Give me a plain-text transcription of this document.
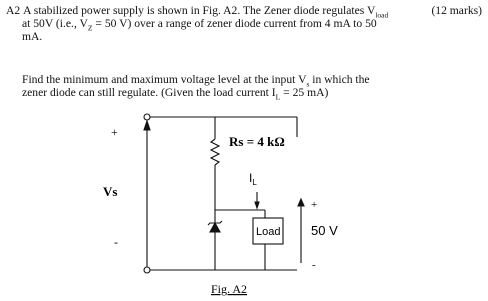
A2 A stabilized power supply is shown in Fig. A2. The Zener diode regulates $V_{load}$	(12 marks)
at 50V (i.e., $V_Z = 50$ V) over a range of zener diode current from 4 mA to 50
mA.
Find the minimum and maximum voltage level at the input $V_s$ in which the
zener diode can still regulate. (Given the load current $I_L = 25$ mA)
+
Vs
-
Rs = 4 kΩ
$I_L$
Load
+
50 V
-
Fig. A2
